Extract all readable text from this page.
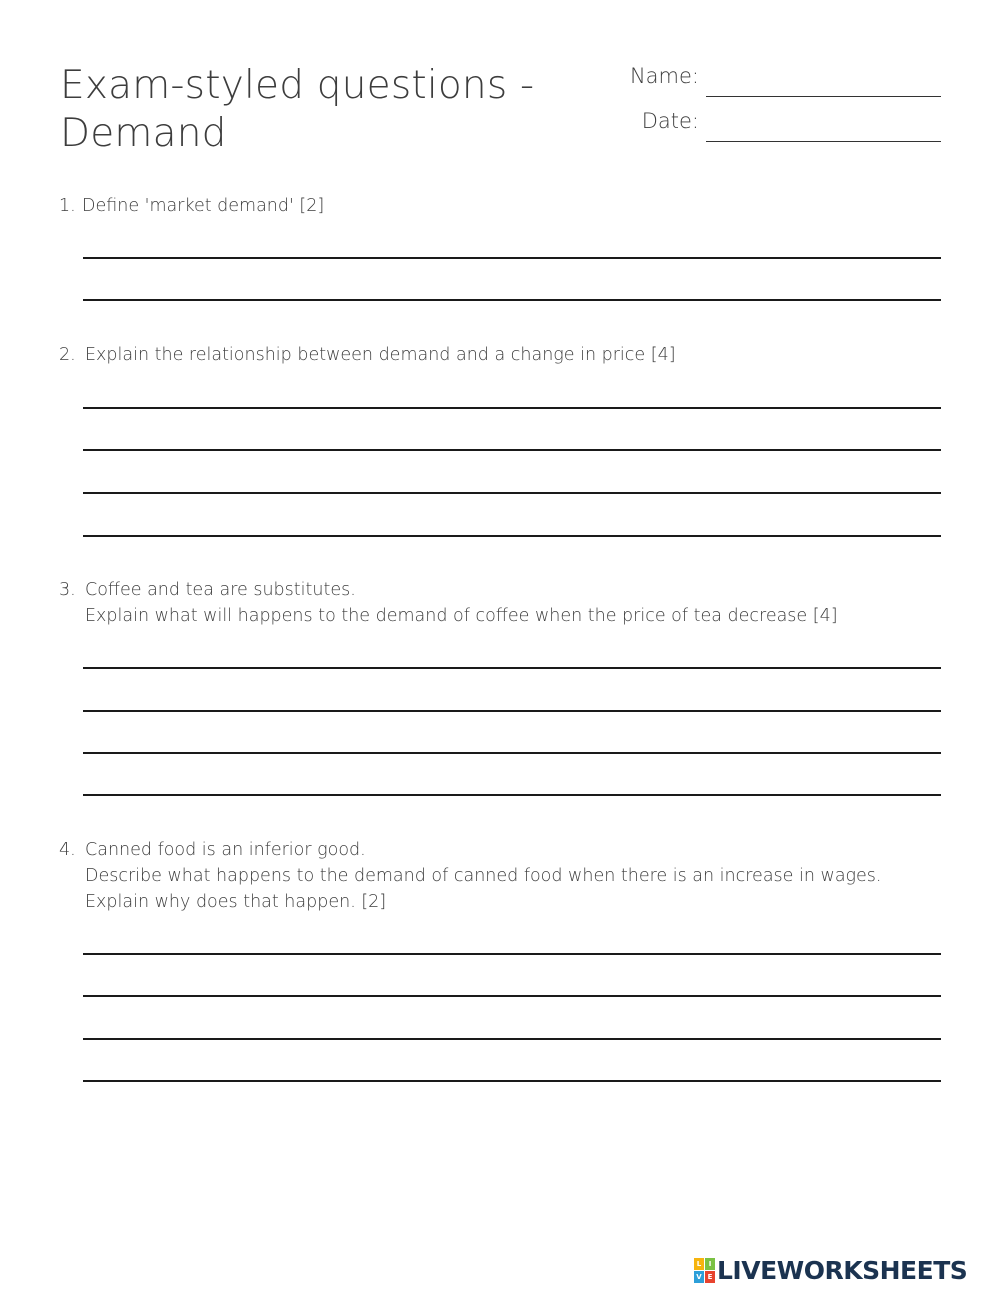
Exam-styled questions -
Demand
Name:
Date:
1. Define 'market demand' [2]
2. Explain the relationship between demand and a change in price [4]
3. Coffee and tea are substitutes.
Explain what will happens to the demand of coffee when the price of tea decrease [4]
4. Canned food is an inferior good.
Describe what happens to the demand of canned food when there is an increase in wages.
Explain why does that happen. [2]
L	I
V E LIVEWORKSHEETS
